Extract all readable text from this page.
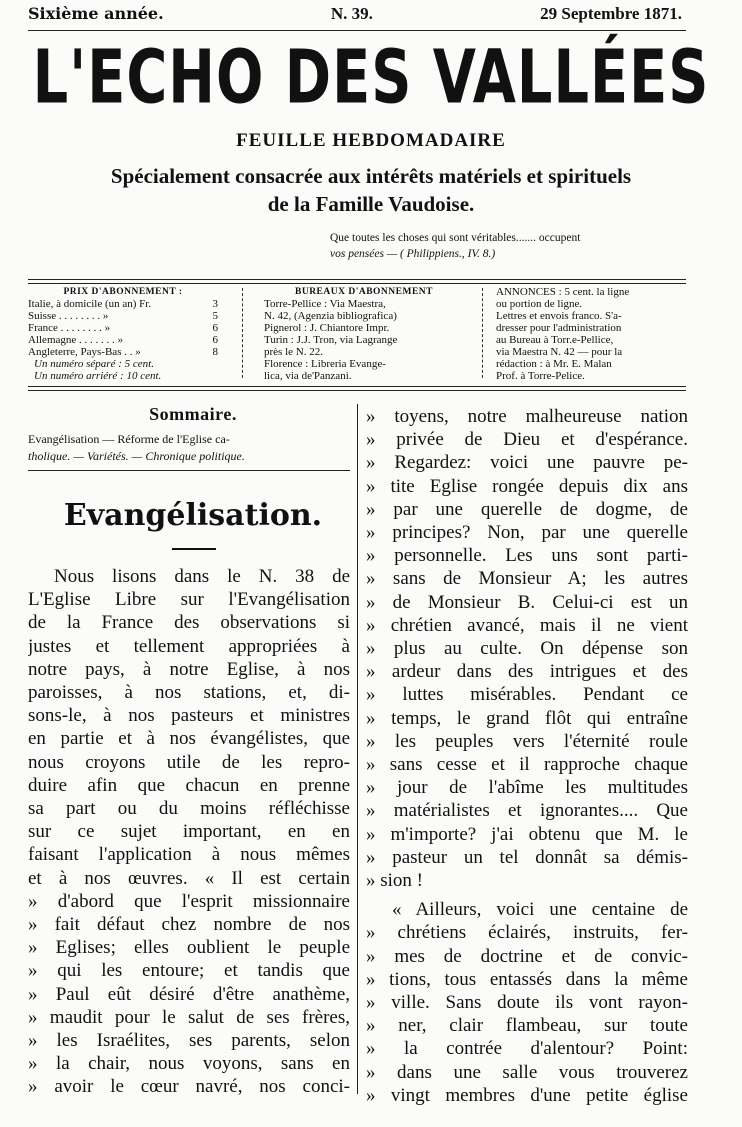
Sixième année.	N. 39.	29 Septembre 1871.
L'ECHO DES VALLÉES
FEUILLE HEBDOMADAIRE
Spécialement consacrée aux intérêts matériels et spirituels
de la Famille Vaudoise.
Que toutes les choses qui sont véritables....... occupent
vos pensées — ( Philippiens., IV. 8.)
PRIX D'ABONNEMENT :
Italie, à domicile (un an) Fr.	3
Suisse . . . . . . . . »	5
France . . . . . . . . »	6
Allemagne . . . . . . . »	6
Angleterre, Pays-Bas . . »	8
Un numéro séparé : 5 cent.
Un numéro arriéré : 10 cent.
BUREAUX D'ABONNEMENT
Torre-Pellice : Via Maestra,
N. 42, (Agenzia bibliografica)
Pignerol : J. Chiantore Impr.
Turin : J.J. Tron, via Lagrange
près le N. 22.
Florence : Libreria Evange-
lica, via de'Panzani.
ANNONCES : 5 cent. la ligne
ou portion de ligne.
Lettres et envois franco. S'a-
dresser pour l'administration
au Bureau à Torr.e-Pellice,
via Maestra N. 42 — pour la
rédaction : à Mr. E. Malan
Prof. à Torre-Pelice.
Sommaire.
Evangélisation — Réforme de l'Eglise ca-
tholique. — Variétés. — Chronique politique.
Evangélisation.
Nous lisons dans le N. 38 de
L'Eglise Libre sur l'Evangélisation
de la France des observations si
justes et tellement appropriées à
notre pays, à notre Eglise, à nos
paroisses, à nos stations, et, di-
sons-le, à nos pasteurs et ministres
en partie et à nos évangélistes, que
nous croyons utile de les repro-
duire afin que chacun en prenne
sa part ou du moins réfléchisse
sur ce sujet important, en en
faisant l'application à nous mêmes
et à nos œuvres. « Il est certain
» d'abord que l'esprit missionnaire
» fait défaut chez nombre de nos
» Eglises; elles oublient le peuple
» qui les entoure; et tandis que
» Paul eût désiré d'être anathème,
» maudit pour le salut de ses frères,
» les Israélites, ses parents, selon
» la chair, nous voyons, sans en
» avoir le cœur navré, nos conci-
» toyens, notre malheureuse nation
» privée de Dieu et d'espérance.
» Regardez: voici une pauvre pe-
» tite Eglise rongée depuis dix ans
» par une querelle de dogme, de
» principes? Non, par une querelle
» personnelle. Les uns sont parti-
» sans de Monsieur A; les autres
» de Monsieur B. Celui-ci est un
» chrétien avancé, mais il ne vient
» plus au culte. On dépense son
» ardeur dans des intrigues et des
» luttes misérables. Pendant ce
» temps, le grand flôt qui entraîne
» les peuples vers l'éternité roule
» sans cesse et il rapproche chaque
» jour de l'abîme les multitudes
» matérialistes et ignorantes.... Que
» m'importe? j'ai obtenu que M. le
» pasteur un tel donnât sa démis-
» sion !
« Ailleurs, voici une centaine de
» chrétiens éclairés, instruits, fer-
» mes de doctrine et de convic-
» tions, tous entassés dans la même
» ville. Sans doute ils vont rayon-
» ner, clair flambeau, sur toute
» la contrée d'alentour? Point:
» dans une salle vous trouverez
» vingt membres d'une petite église
